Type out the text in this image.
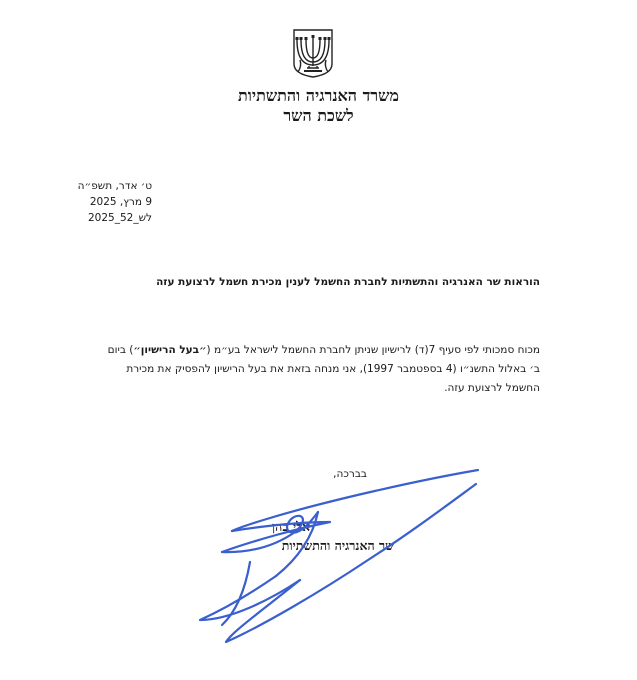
משרד האנרגיה והתשתיות
לשכת השר
ט׳ אדר, תשפ״ה
9 מרץ, 2025
לש_52_2025
הוראות שר האנרגיה והתשתיות לחברת החשמל לענין מכירת חשמל לרצועת עזה
מכוח סמכותי לפי סעיף 7(ד) לרישיון שניתן לחברת החשמל לישראל בע״מ (״בעל הרישיון״) ביום ב׳ באלול התשנ״ו (4 בספטמבר 1997), אני מנחה בזאת את בעל הרישיון להפסיק את מכירת החשמל לרצועת עזה.
בברכה,
אלי כהן
שר האנרגיה והתשתיות
